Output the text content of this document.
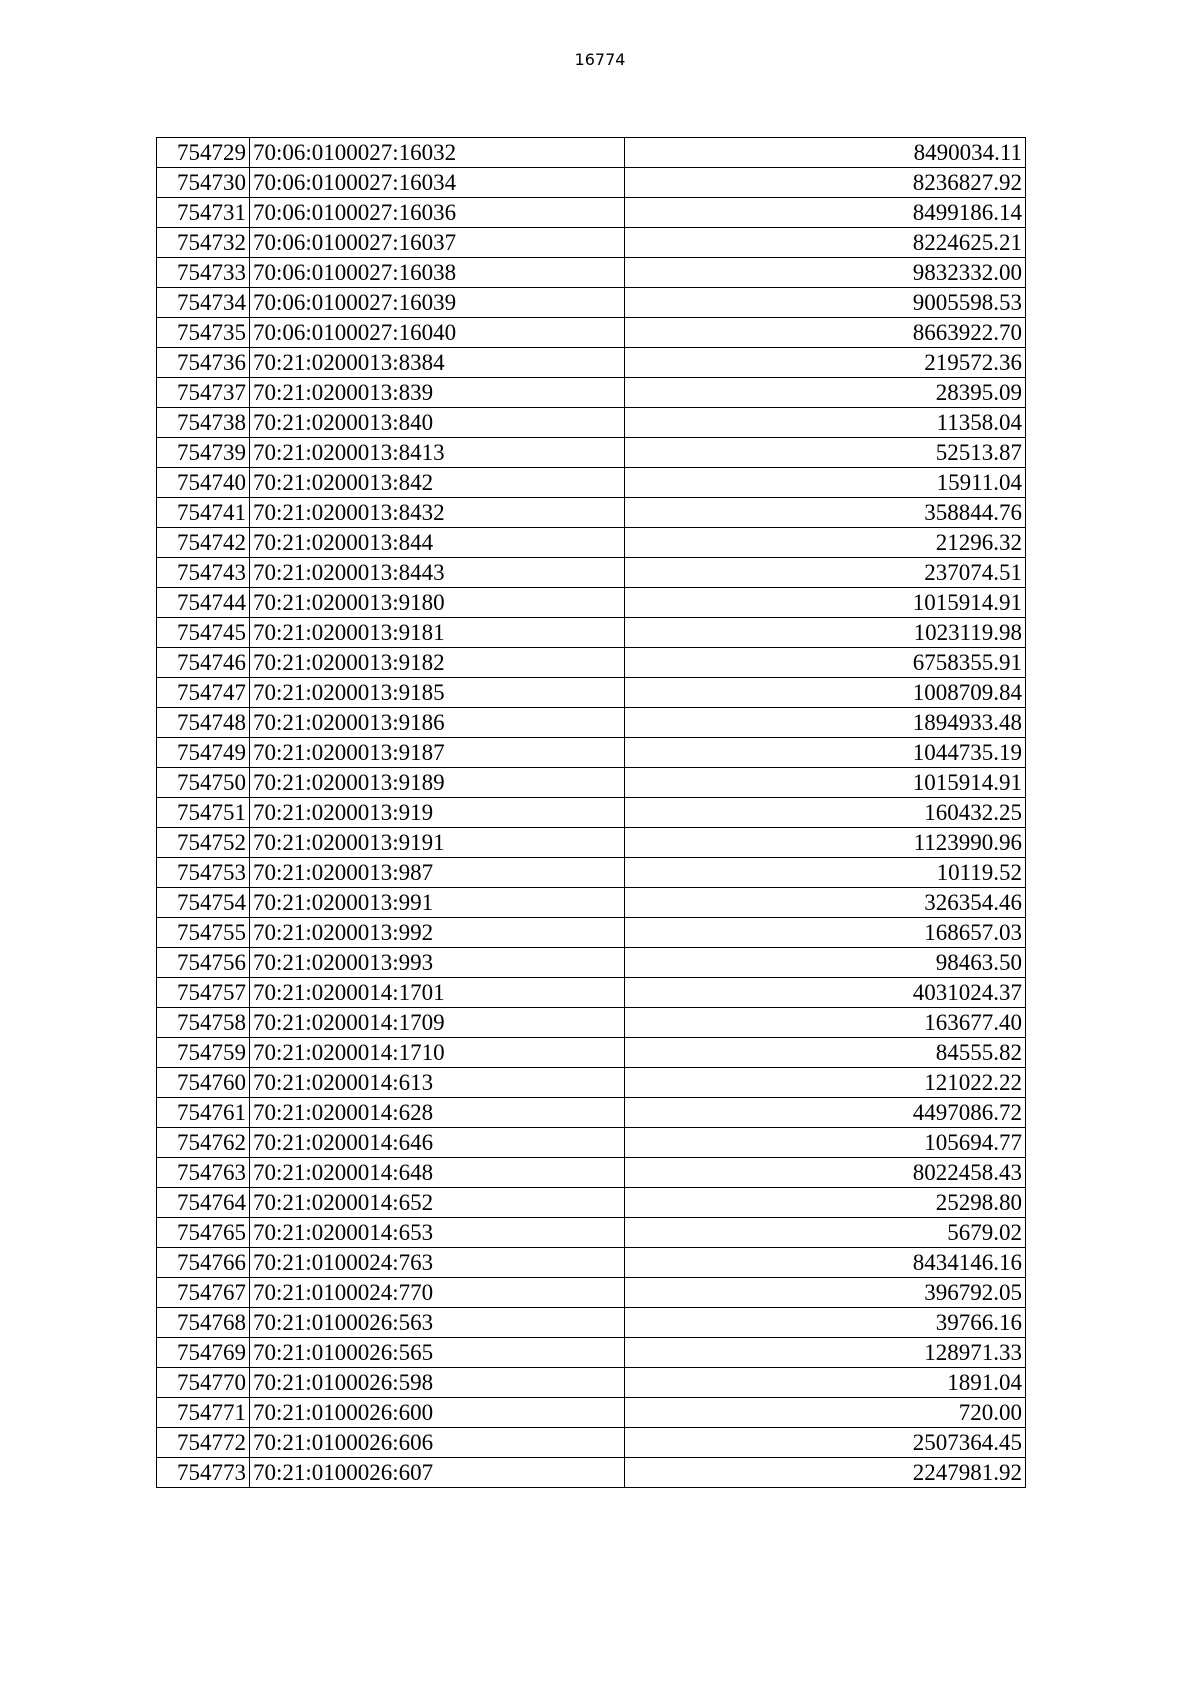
16774
754729	70:06:0100027:16032	8490034.11
754730	70:06:0100027:16034	8236827.92
754731	70:06:0100027:16036	8499186.14
754732	70:06:0100027:16037	8224625.21
754733	70:06:0100027:16038	9832332.00
754734	70:06:0100027:16039	9005598.53
754735	70:06:0100027:16040	8663922.70
754736	70:21:0200013:8384	219572.36
754737	70:21:0200013:839	28395.09
754738	70:21:0200013:840	11358.04
754739	70:21:0200013:8413	52513.87
754740	70:21:0200013:842	15911.04
754741	70:21:0200013:8432	358844.76
754742	70:21:0200013:844	21296.32
754743	70:21:0200013:8443	237074.51
754744	70:21:0200013:9180	1015914.91
754745	70:21:0200013:9181	1023119.98
754746	70:21:0200013:9182	6758355.91
754747	70:21:0200013:9185	1008709.84
754748	70:21:0200013:9186	1894933.48
754749	70:21:0200013:9187	1044735.19
754750	70:21:0200013:9189	1015914.91
754751	70:21:0200013:919	160432.25
754752	70:21:0200013:9191	1123990.96
754753	70:21:0200013:987	10119.52
754754	70:21:0200013:991	326354.46
754755	70:21:0200013:992	168657.03
754756	70:21:0200013:993	98463.50
754757	70:21:0200014:1701	4031024.37
754758	70:21:0200014:1709	163677.40
754759	70:21:0200014:1710	84555.82
754760	70:21:0200014:613	121022.22
754761	70:21:0200014:628	4497086.72
754762	70:21:0200014:646	105694.77
754763	70:21:0200014:648	8022458.43
754764	70:21:0200014:652	25298.80
754765	70:21:0200014:653	5679.02
754766	70:21:0100024:763	8434146.16
754767	70:21:0100024:770	396792.05
754768	70:21:0100026:563	39766.16
754769	70:21:0100026:565	128971.33
754770	70:21:0100026:598	1891.04
754771	70:21:0100026:600	720.00
754772	70:21:0100026:606	2507364.45
754773	70:21:0100026:607	2247981.92
